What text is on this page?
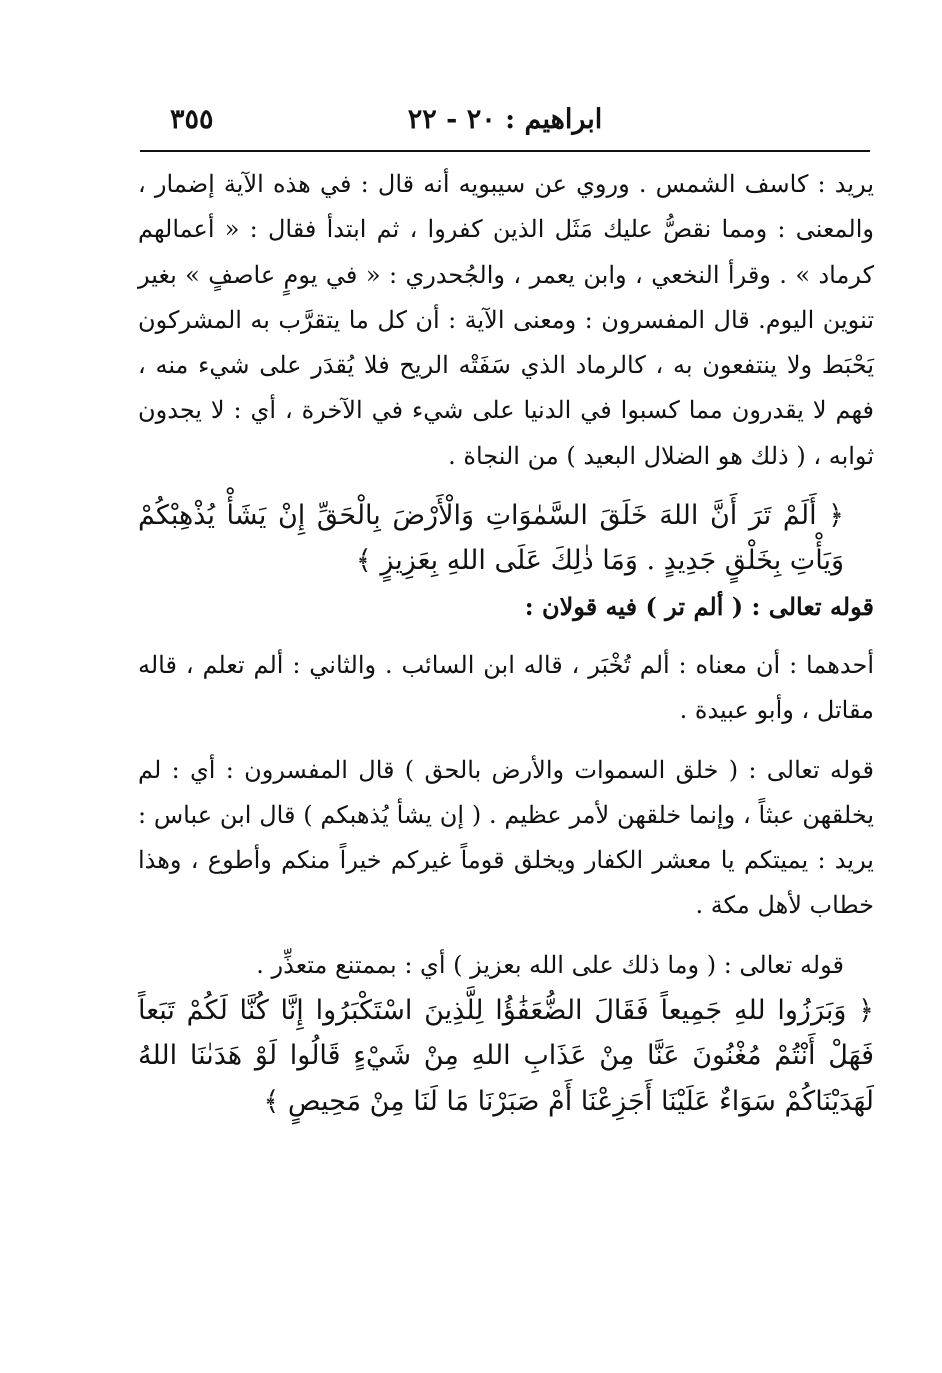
٣٥٥	ابراهيم : ٢٠ - ٢٢

يريد : كاسف الشمس . وروي عن سيبويه أنه قال : في هذه الآية إضمار ، والمعنى : ومما نقصُّ عليك مَثَل الذين كفروا ، ثم ابتدأ فقال : « أعمالهم كرماد » . وقرأ النخعي ، وابن يعمر ، والجُحدري : « في يومٍ عاصفٍ » بغير تنوين اليوم. قال المفسرون : ومعنى الآية : أن كل ما يتقرَّب به المشركون يَحْبَط ولا ينتفعون به ، كالرماد الذي سَفَتْه الريح فلا يُقدَر على شيء منه ، فهم لا يقدرون مما كسبوا في الدنيا على شيء في الآخرة ، أي : لا يجدون ثوابه ، ( ذلك هو الضلال البعيد ) من النجاة .

﴿ أَلَمْ تَرَ أَنَّ اللهَ خَلَقَ السَّمٰوَاتِ وَالْأَرْضَ بِالْحَقِّ إِنْ يَشَأْ يُذْهِبْكُمْ وَيَأْتِ بِخَلْقٍ جَدِيدٍ . وَمَا ذٰلِكَ عَلَى اللهِ بِعَزِيزٍ ﴾

قوله تعالى : ( ألم تر ) فيه قولان :

أحدهما : أن معناه : ألم تُخْبَر ، قاله ابن السائب . والثاني : ألم تعلم ، قاله مقاتل ، وأبو عبيدة .

قوله تعالى : ( خلق السموات والأرض بالحق ) قال المفسرون : أي : لم يخلقهن عبثاً ، وإنما خلقهن لأمر عظيم . ( إن يشأ يُذهبكم ) قال ابن عباس : يريد : يميتكم يا معشر الكفار ويخلق قوماً غيركم خيراً منكم وأطوع ، وهذا خطاب لأهل مكة .

قوله تعالى : ( وما ذلك على الله بعزيز ) أي : بممتنع متعذِّر .

﴿ وَبَرَزُوا للهِ جَمِيعاً فَقَالَ الضُّعَفَٰؤُا لِلَّذِينَ اسْتَكْبَرُوا إِنَّا كُنَّا لَكُمْ تَبَعاً فَهَلْ أَنْتُمْ مُغْنُونَ عَنَّا مِنْ عَذَابِ اللهِ مِنْ شَيْءٍ قَالُوا لَوْ هَدَىٰنَا اللهُ لَهَدَيْنَاكُمْ سَوَاءٌ عَلَيْنَا أَجَزِعْنَا أَمْ صَبَرْنَا مَا لَنَا مِنْ مَحِيصٍ ﴾
